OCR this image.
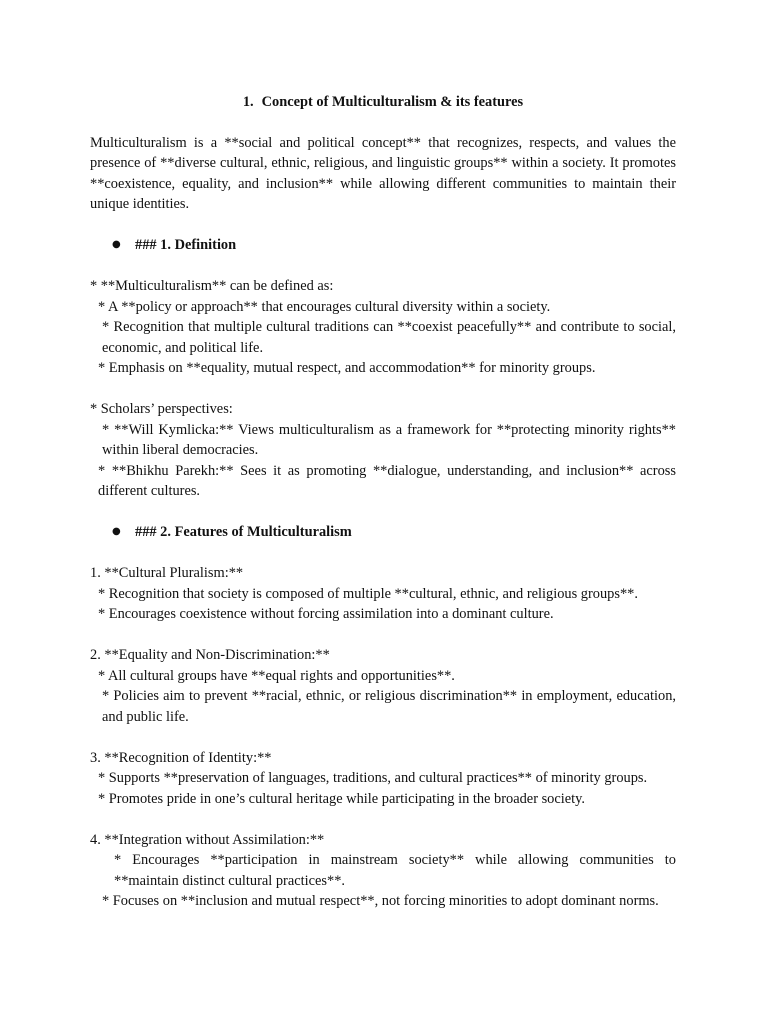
1. Concept of Multiculturalism & its features

Multiculturalism is a **social and political concept** that recognizes, respects, and values the presence of **diverse cultural, ethnic, religious, and linguistic groups** within a society. It promotes **coexistence, equality, and inclusion** while allowing different communities to maintain their unique identities.

● ### 1. Definition

* **Multiculturalism** can be defined as:

* A **policy or approach** that encourages cultural diversity within a society.

* Recognition that multiple cultural traditions can **coexist peacefully** and contribute to social, economic, and political life.

* Emphasis on **equality, mutual respect, and accommodation** for minority groups.

* Scholars’ perspectives:

* **Will Kymlicka:** Views multiculturalism as a framework for **protecting minority rights** within liberal democracies.

* **Bhikhu Parekh:** Sees it as promoting **dialogue, understanding, and inclusion** across different cultures.

● ### 2. Features of Multiculturalism

1. **Cultural Pluralism:**

* Recognition that society is composed of multiple **cultural, ethnic, and religious groups**.

* Encourages coexistence without forcing assimilation into a dominant culture.

2. **Equality and Non-Discrimination:**

* All cultural groups have **equal rights and opportunities**.

* Policies aim to prevent **racial, ethnic, or religious discrimination** in employment, education, and public life.

3. **Recognition of Identity:**

* Supports **preservation of languages, traditions, and cultural practices** of minority groups.

* Promotes pride in one’s cultural heritage while participating in the broader society.

4. **Integration without Assimilation:**

* Encourages **participation in mainstream society** while allowing communities to **maintain distinct cultural practices**.

* Focuses on **inclusion and mutual respect**, not forcing minorities to adopt dominant norms.
